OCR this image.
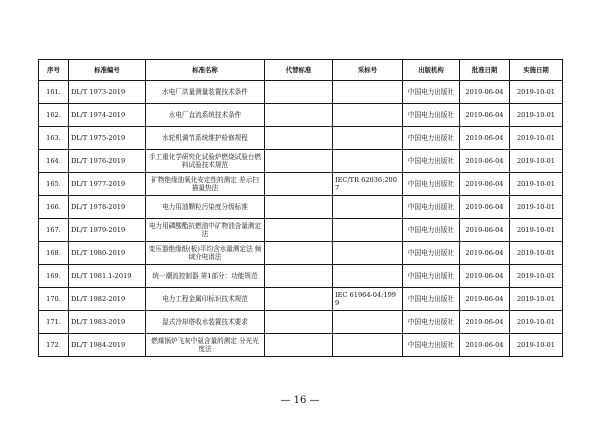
序号	标准编号	标准名称	代替标准	采标号	出版机构	批准日期	实施日期
161.	DL/T 1973-2019	水电厂洪量测量装置技术条件			中国电力出版社	2019-06-04	2019-10-01
162.	DL/T 1974-2019	水电厂直流系统技术条件			中国电力出版社	2019-06-04	2019-10-01
163.	DL/T 1975-2019	水轮机调节系统维护检修规程			中国电力出版社	2019-06-04	2019-10-01
164.	DL/T 1976-2019	手工重化学研究化试验炉燃烧试验台燃料试验技术规范			中国电力出版社	2019-06-04	2019-10-01
165.	DL/T 1977-2019	矿物绝缘油氧化安定性的测定 差示扫描量热法		IEC/TR 62036:2007	中国电力出版社	2019-06-04	2019-10-01
166.	DL/T 1978-2019	电力用油颗粒污染度分级标准			中国电力出版社	2019-06-04	2019-10-01
167.	DL/T 1979-2019	电力用磷酸酯抗燃油中矿物油含量测定法			中国电力出版社	2019-06-04	2019-10-01
168.	DL/T 1980-2019	变压器绝缘纸(板)平均含水量测定法 频域介电谱法			中国电力出版社	2019-06-04	2019-10-01
169.	DL/T 1981.1-2019	统一潮流控制器 第1部分：功能规范			中国电力出版社	2019-06-04	2019-10-01
170.	DL/T 1982-2019	电力工程金属印标识技术规范		IEC 61964-04:1999	中国电力出版社	2019-06-04	2019-10-01
171.	DL/T 1983-2019	湿式冷却塔收水装置技术要求			中国电力出版社	2019-06-04	2019-10-01
172.	DL/T 1984-2019	燃煤锅炉飞灰中氨含量的测定 分光光度法			中国电力出版社	2019-06-04	2019-10-01
— 16 —
